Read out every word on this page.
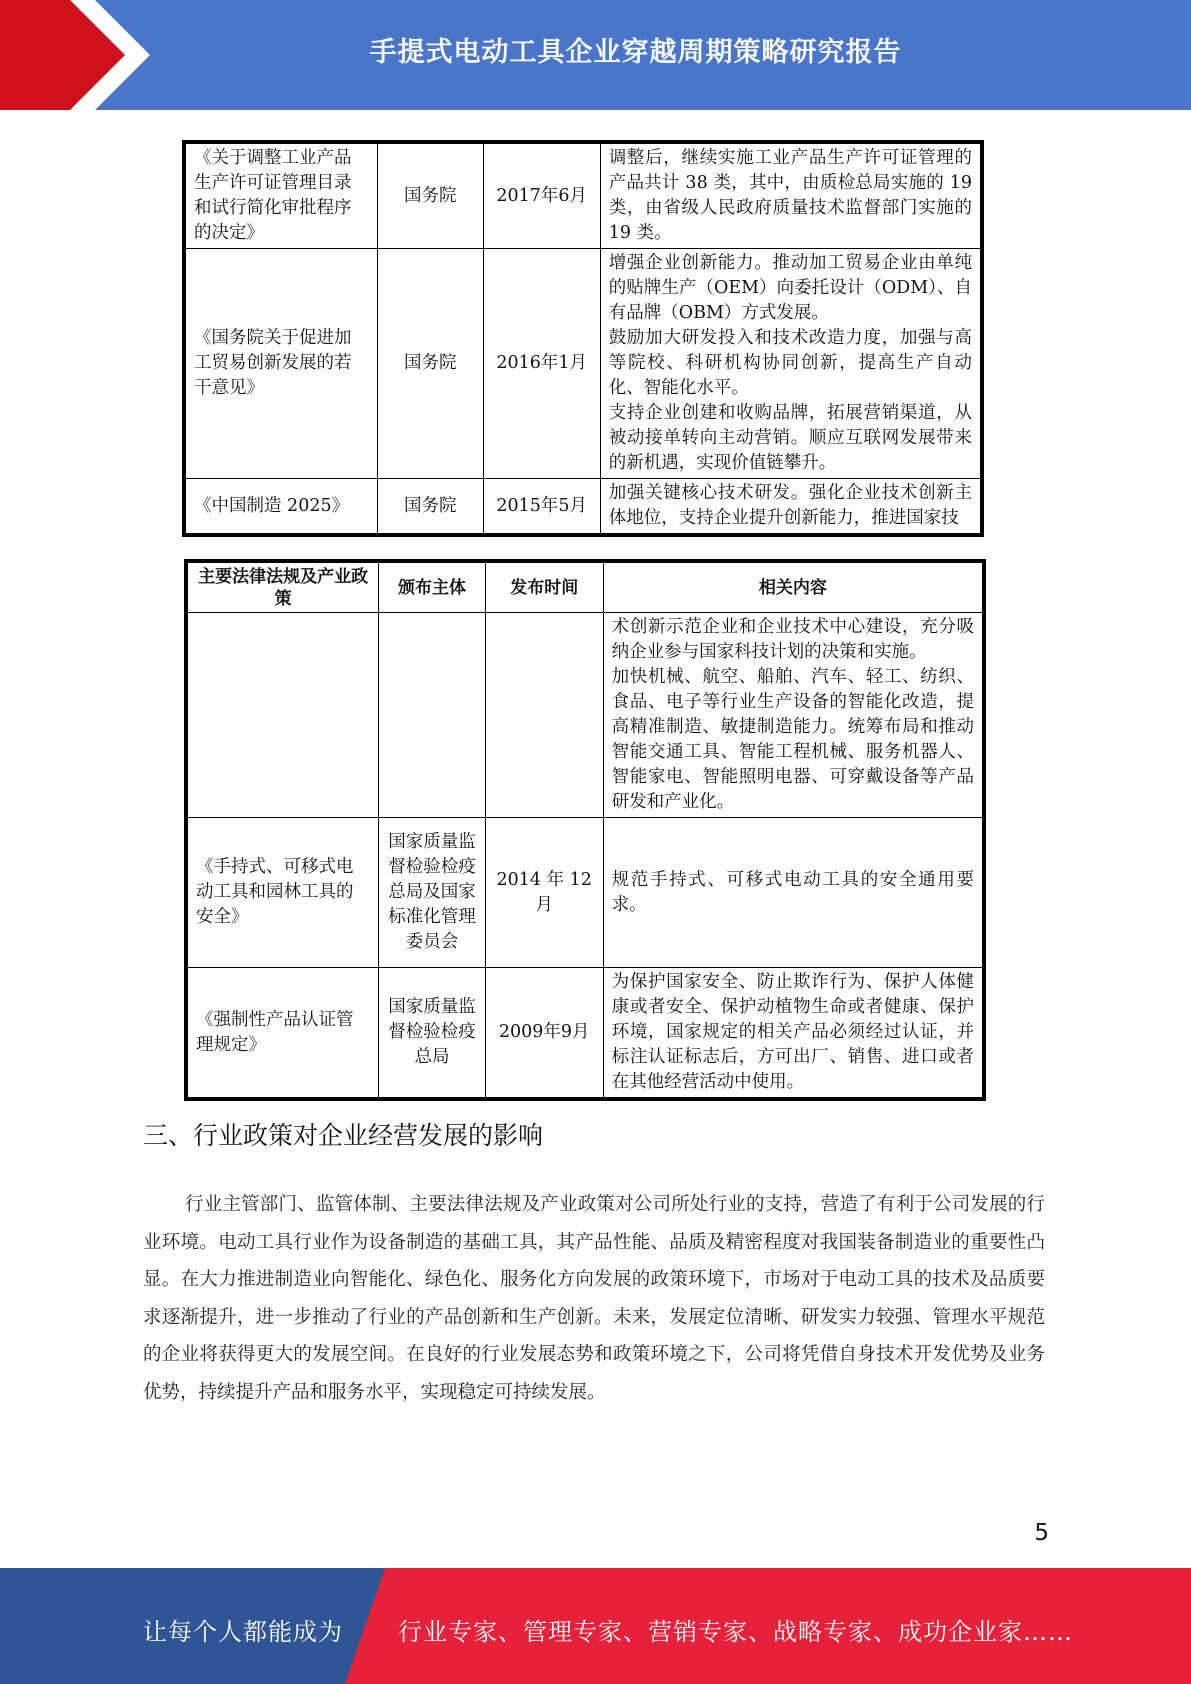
手提式电动工具企业穿越周期策略研究报告
《关于调整工业产品生产许可证管理目录和试行简化审批程序的决定》	国务院	2017年6月	调整后，继续实施工业产品生产许可证管理的产品共计 38 类，其中，由质检总局实施的 19 类，由省级人民政府质量技术监督部门实施的 19 类。

《国务院关于促进加工贸易创新发展的若干意见》	国务院	2016年1月	增强企业创新能力。推动加工贸易企业由单纯的贴牌生产（OEM）向委托设计（ODM）、自有品牌（OBM）方式发展。
鼓励加大研发投入和技术改造力度，加强与高等院校、科研机构协同创新，提高生产自动化、智能化水平。
支持企业创建和收购品牌，拓展营销渠道，从被动接单转向主动营销。顺应互联网发展带来的新机遇，实现价值链攀升。

《中国制造 2025》	国务院	2015年5月	加强关键核心技术研发。强化企业技术创新主体地位，支持企业提升创新能力，推进国家技
主要法律法规及产业政策	颁布主体	发布时间	相关内容

			术创新示范企业和企业技术中心建设，充分吸纳企业参与国家科技计划的决策和实施。
加快机械、航空、船舶、汽车、轻工、纺织、食品、电子等行业生产设备的智能化改造，提高精准制造、敏捷制造能力。统筹布局和推动智能交通工具、智能工程机械、服务机器人、智能家电、智能照明电器、可穿戴设备等产品研发和产业化。

《手持式、可移式电动工具和园林工具的安全》	国家质量监督检验检疫总局及国家标准化管理委员会	2014 年 12 月	规范手持式、可移式电动工具的安全通用要求。

《强制性产品认证管理规定》	国家质量监督检验检疫总局	2009年9月	为保护国家安全、防止欺诈行为、保护人体健康或者安全、保护动植物生命或者健康、保护环境，国家规定的相关产品必须经过认证，并标注认证标志后，方可出厂、销售、进口或者在其他经营活动中使用。
三、行业政策对企业经营发展的影响
行业主管部门、监管体制、主要法律法规及产业政策对公司所处行业的支持，营造了有利于公司发展的行业环境。电动工具行业作为设备制造的基础工具，其产品性能、品质及精密程度对我国装备制造业的重要性凸显。在大力推进制造业向智能化、绿色化、服务化方向发展的政策环境下，市场对于电动工具的技术及品质要求逐渐提升，进一步推动了行业的产品创新和生产创新。未来，发展定位清晰、研发实力较强、管理水平规范的企业将获得更大的发展空间。在良好的行业发展态势和政策环境之下，公司将凭借自身技术开发优势及业务优势，持续提升产品和服务水平，实现稳定可持续发展。
5
让每个人都能成为 行业专家、管理专家、营销专家、战略专家、成功企业家……
